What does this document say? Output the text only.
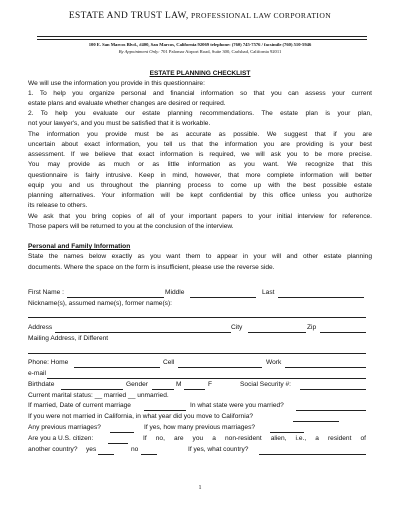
ESTATE AND TRUST LAW, PROFESSIONAL LAW CORPORATION
100 E. San Marcos Blvd., #400, San Marcos, California 92069 telephone: (760) 745-7576 / facsimile (760) 510-5946
By Appointment Only: 701 Palomar Airport Road, Suite 300, Carlsbad, California 92011
ESTATE PLANNING CHECKLIST
We will use the information you provide in this questionnaire:
1. To help you organize personal and financial information so that you can assess your current
estate plans and evaluate whether changes are desired or required.
2. To help you evaluate our estate planning recommendations. The estate plan is your plan,
not your lawyer's, and you must be satisfied that it is workable.
The information you provide must be as accurate as possible. We suggest that if you are
uncertain about exact information, you tell us that the information you are providing is your best
assessment. If we believe that exact information is required, we will ask you to be more precise.
You may provide as much or as little information as you want. We recognize that this
questionnaire is fairly intrusive. Keep in mind, however, that more complete information will better
equip you and us throughout the planning process to come up with the best possible estate
planning alternatives. Your information will be kept confidential by this office unless you authorize
its release to others.
We ask that you bring copies of all of your important papers to your initial interview for reference.
Those papers will be returned to you at the conclusion of the interview.
Personal and Family Information
State the names below exactly as you want them to appear in your will and other estate planning
documents. Where the space on the form is insufficient, please use the reverse side.
First Name :	Middle	Last
Nickname(s), assumed name(s), former name(s):
Address	City	Zip
Mailing Address, if Different
Phone: Home	Cell	Work
e-mail
Birthdate	Gender	M	F	Social Security #:
Current marital status: __ married __ unmarried.
If married, Date of current marriage	In what state were you married?
If you were not married in California, in what year did you move to California?
Any previous marriages?	If yes, how many previous marriages?
Are you a U.S. citizen:	If no, are you a non-resident alien, i.e., a resident of
another country? yes	no	If yes, what country?
1
